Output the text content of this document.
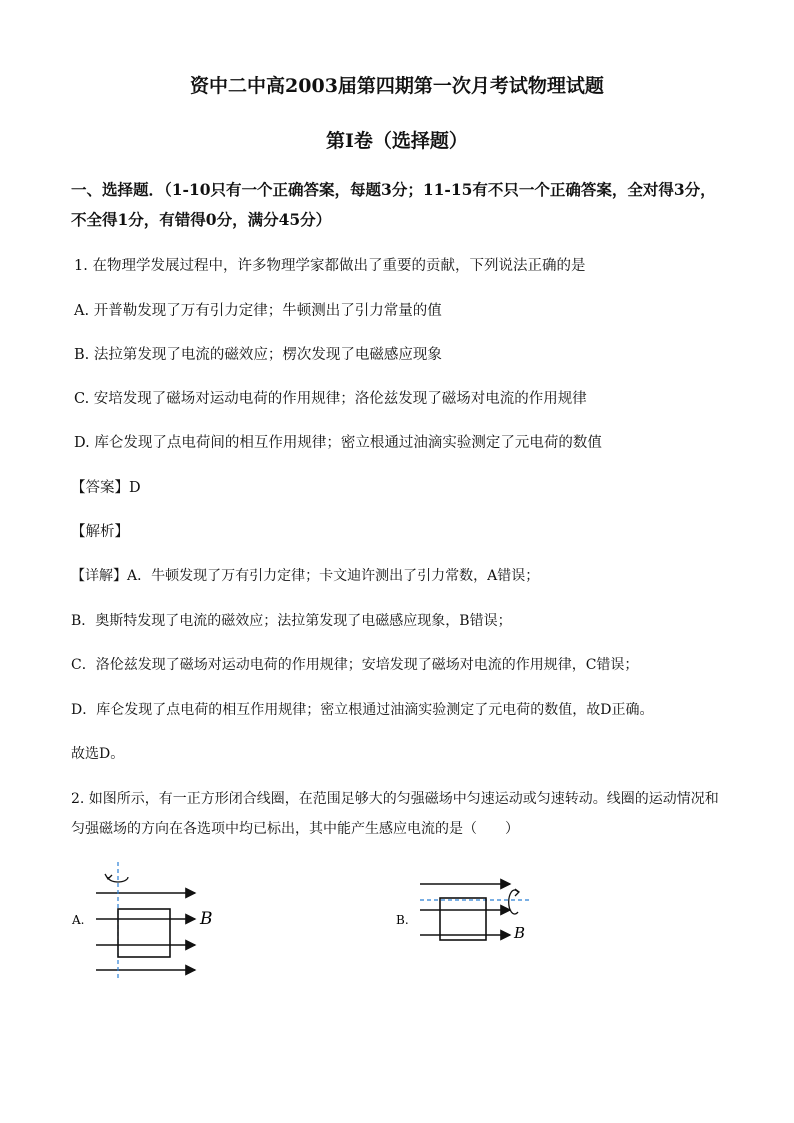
资中二中高2003届第四期第一次月考试物理试题
第Ⅰ卷（选择题）
一、选择题．（1-10只有一个正确答案，每题3分；11-15有不只一个正确答案，全对得3分，
不全得1分，有错得0分，满分45分）
1. 在物理学发展过程中，许多物理学家都做出了重要的贡献，下列说法正确的是
A. 开普勒发现了万有引力定律；牛顿测出了引力常量的值
B. 法拉第发现了电流的磁效应；楞次发现了电磁感应现象
C. 安培发现了磁场对运动电荷的作用规律；洛伦兹发现了磁场对电流的作用规律
D. 库仑发现了点电荷间的相互作用规律；密立根通过油滴实验测定了元电荷的数值
【答案】D
【解析】
【详解】A．牛顿发现了万有引力定律；卡文迪许测出了引力常数，A错误；
B．奥斯特发现了电流的磁效应；法拉第发现了电磁感应现象，B错误；
C．洛伦兹发现了磁场对运动电荷的作用规律；安培发现了磁场对电流的作用规律，C错误；
D．库仑发现了点电荷的相互作用规律；密立根通过油滴实验测定了元电荷的数值，故D正确。
故选D。
2. 如图所示，有一正方形闭合线圈，在范围足够大的匀强磁场中匀速运动或匀速转动。线圈的运动情况和
匀强磁场的方向在各选项中均已标出，其中能产生感应电流的是（　　）
A.	B	B.
B
